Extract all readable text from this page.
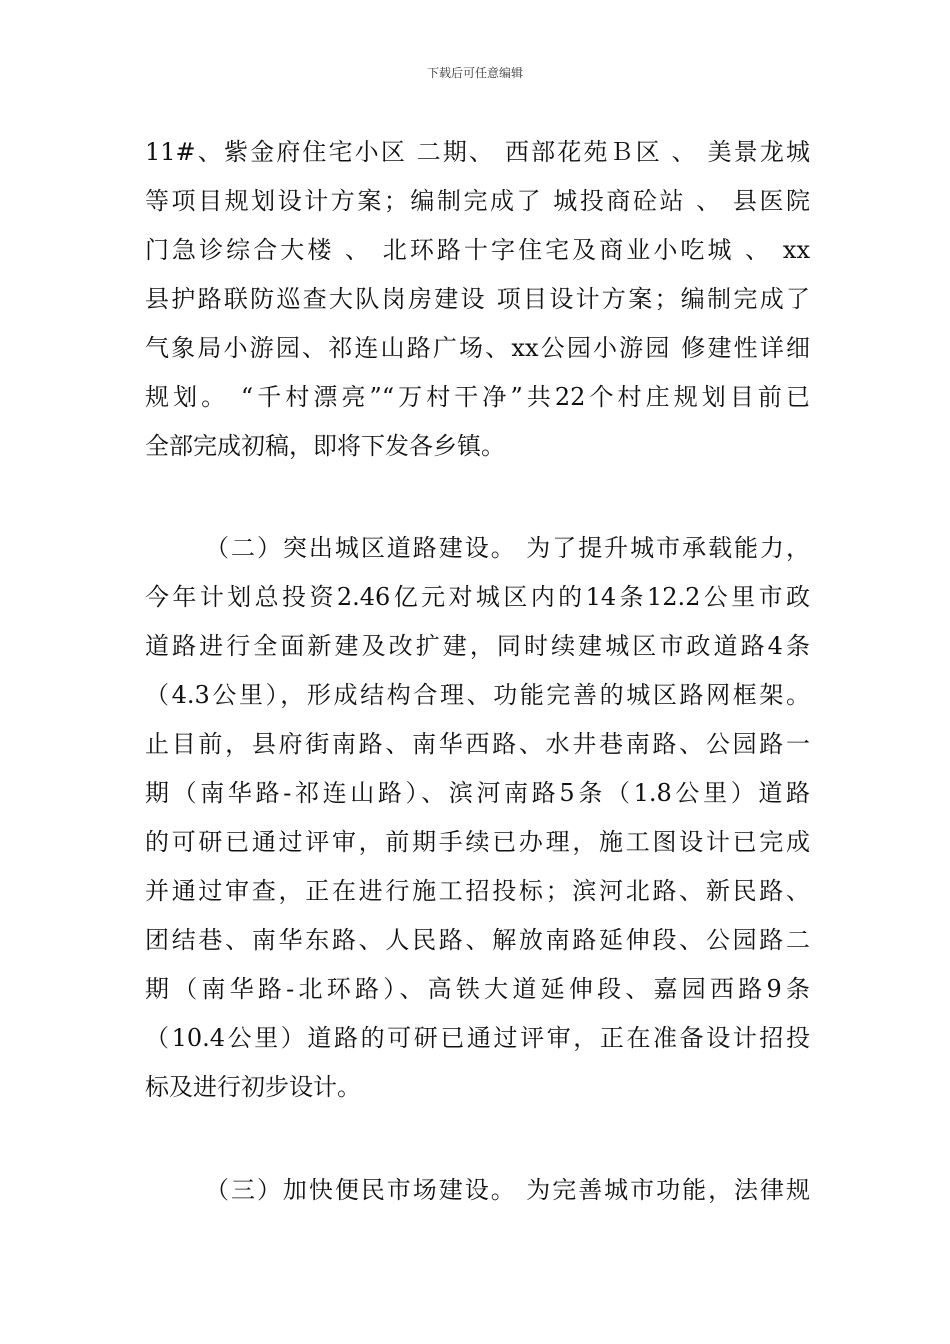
下载后可任意编辑
11#、紫金府住宅小区 二期、 西部花苑Ｂ区 、 美景龙城
等项目规划设计方案；编制完成了 城投商砼站 、 县医院
门急诊综合大楼 、 北环路十字住宅及商业小吃城 、 xx
县护路联防巡查大队岗房建设 项目设计方案；编制完成了
气象局小游园、祁连山路广场、xx公园小游园 修建性详细
规划。 “千村漂亮”“万村干净”共22个村庄规划目前已
全部完成初稿，即将下发各乡镇。
（二）突出城区道路建设。 为了提升城市承载能力，
今年计划总投资2.46亿元对城区内的14条12.2公里市政
道路进行全面新建及改扩建，同时续建城区市政道路4条
（4.3公里），形成结构合理、功能完善的城区路网框架。
止目前，县府街南路、南华西路、水井巷南路、公园路一
期（南华路-祁连山路）、滨河南路5条（1.8公里）道路
的可研已通过评审，前期手续已办理，施工图设计已完成
并通过审查，正在进行施工招投标；滨河北路、新民路、
团结巷、南华东路、人民路、解放南路延伸段、公园路二
期（南华路-北环路）、高铁大道延伸段、嘉园西路9条
（10.4公里）道路的可研已通过评审，正在准备设计招投
标及进行初步设计。
（三）加快便民市场建设。 为完善城市功能，法律规
